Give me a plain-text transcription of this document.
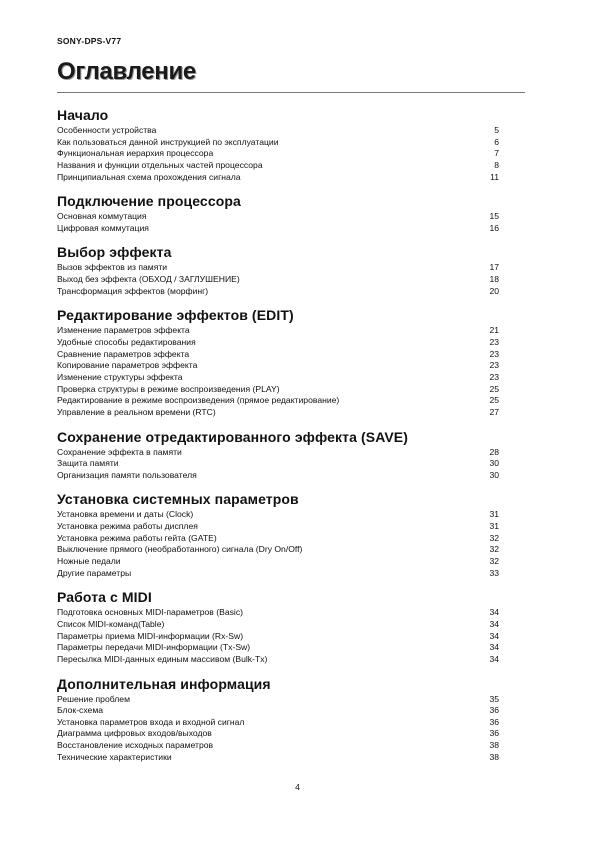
SONY-DPS-V77
Оглавление
Начало
Особенности устройства	5
Как пользоваться данной инструкцией по эксплуатации	6
Функциональная иерархия процессора	7
Названия и функции отдельных частей процессора	8
Принципиальная схема прохождения сигнала	11
Подключение процессора
Основная коммутация	15
Цифровая коммутация	16
Выбор эффекта
Вызов эффектов из памяти	17
Выход без эффекта (ОБХОД / ЗАГЛУШЕНИЕ)	18
Трансформация эффектов (морфинг)	20
Редактирование эффектов (EDIT)
Изменение параметров эффекта	21
Удобные способы редактирования	23
Сравнение параметров эффекта	23
Копирование параметров эффекта	23
Изменение структуры эффекта	23
Проверка структуры в режиме воспроизведения (PLAY)	25
Редактирование в режиме воспроизведения (прямое редактирование)	25
Управление в реальном времени (RTC)	27
Сохранение отредактированного эффекта (SAVE)
Сохранение эффекта в памяти	28
Защита памяти	30
Организация памяти пользователя	30
Установка системных параметров
Установка времени и даты (Clock)	31
Установка режима работы дисплея	31
Установка режима работы гейта (GATE)	32
Выключение прямого (необработанного) сигнала (Dry On/Off)	32
Ножные педали	32
Другие параметры	33
Работа с MIDI
Подготовка основных MIDI-параметров (Basic)	34
Список MIDI-команд(Table)	34
Параметры приема MIDI-информации (Rx-Sw)	34
Параметры передачи MIDI-информации (Tx-Sw)	34
Пересылка MIDI-данных единым массивом (Bulk-Tx)	34
Дополнительная информация
Решение проблем	35
Блок-схема	36
Установка параметров входа и входной сигнал	36
Диаграмма цифровых входов/выходов	36
Восстановление исходных параметров	38
Технические характеристики	38
4
